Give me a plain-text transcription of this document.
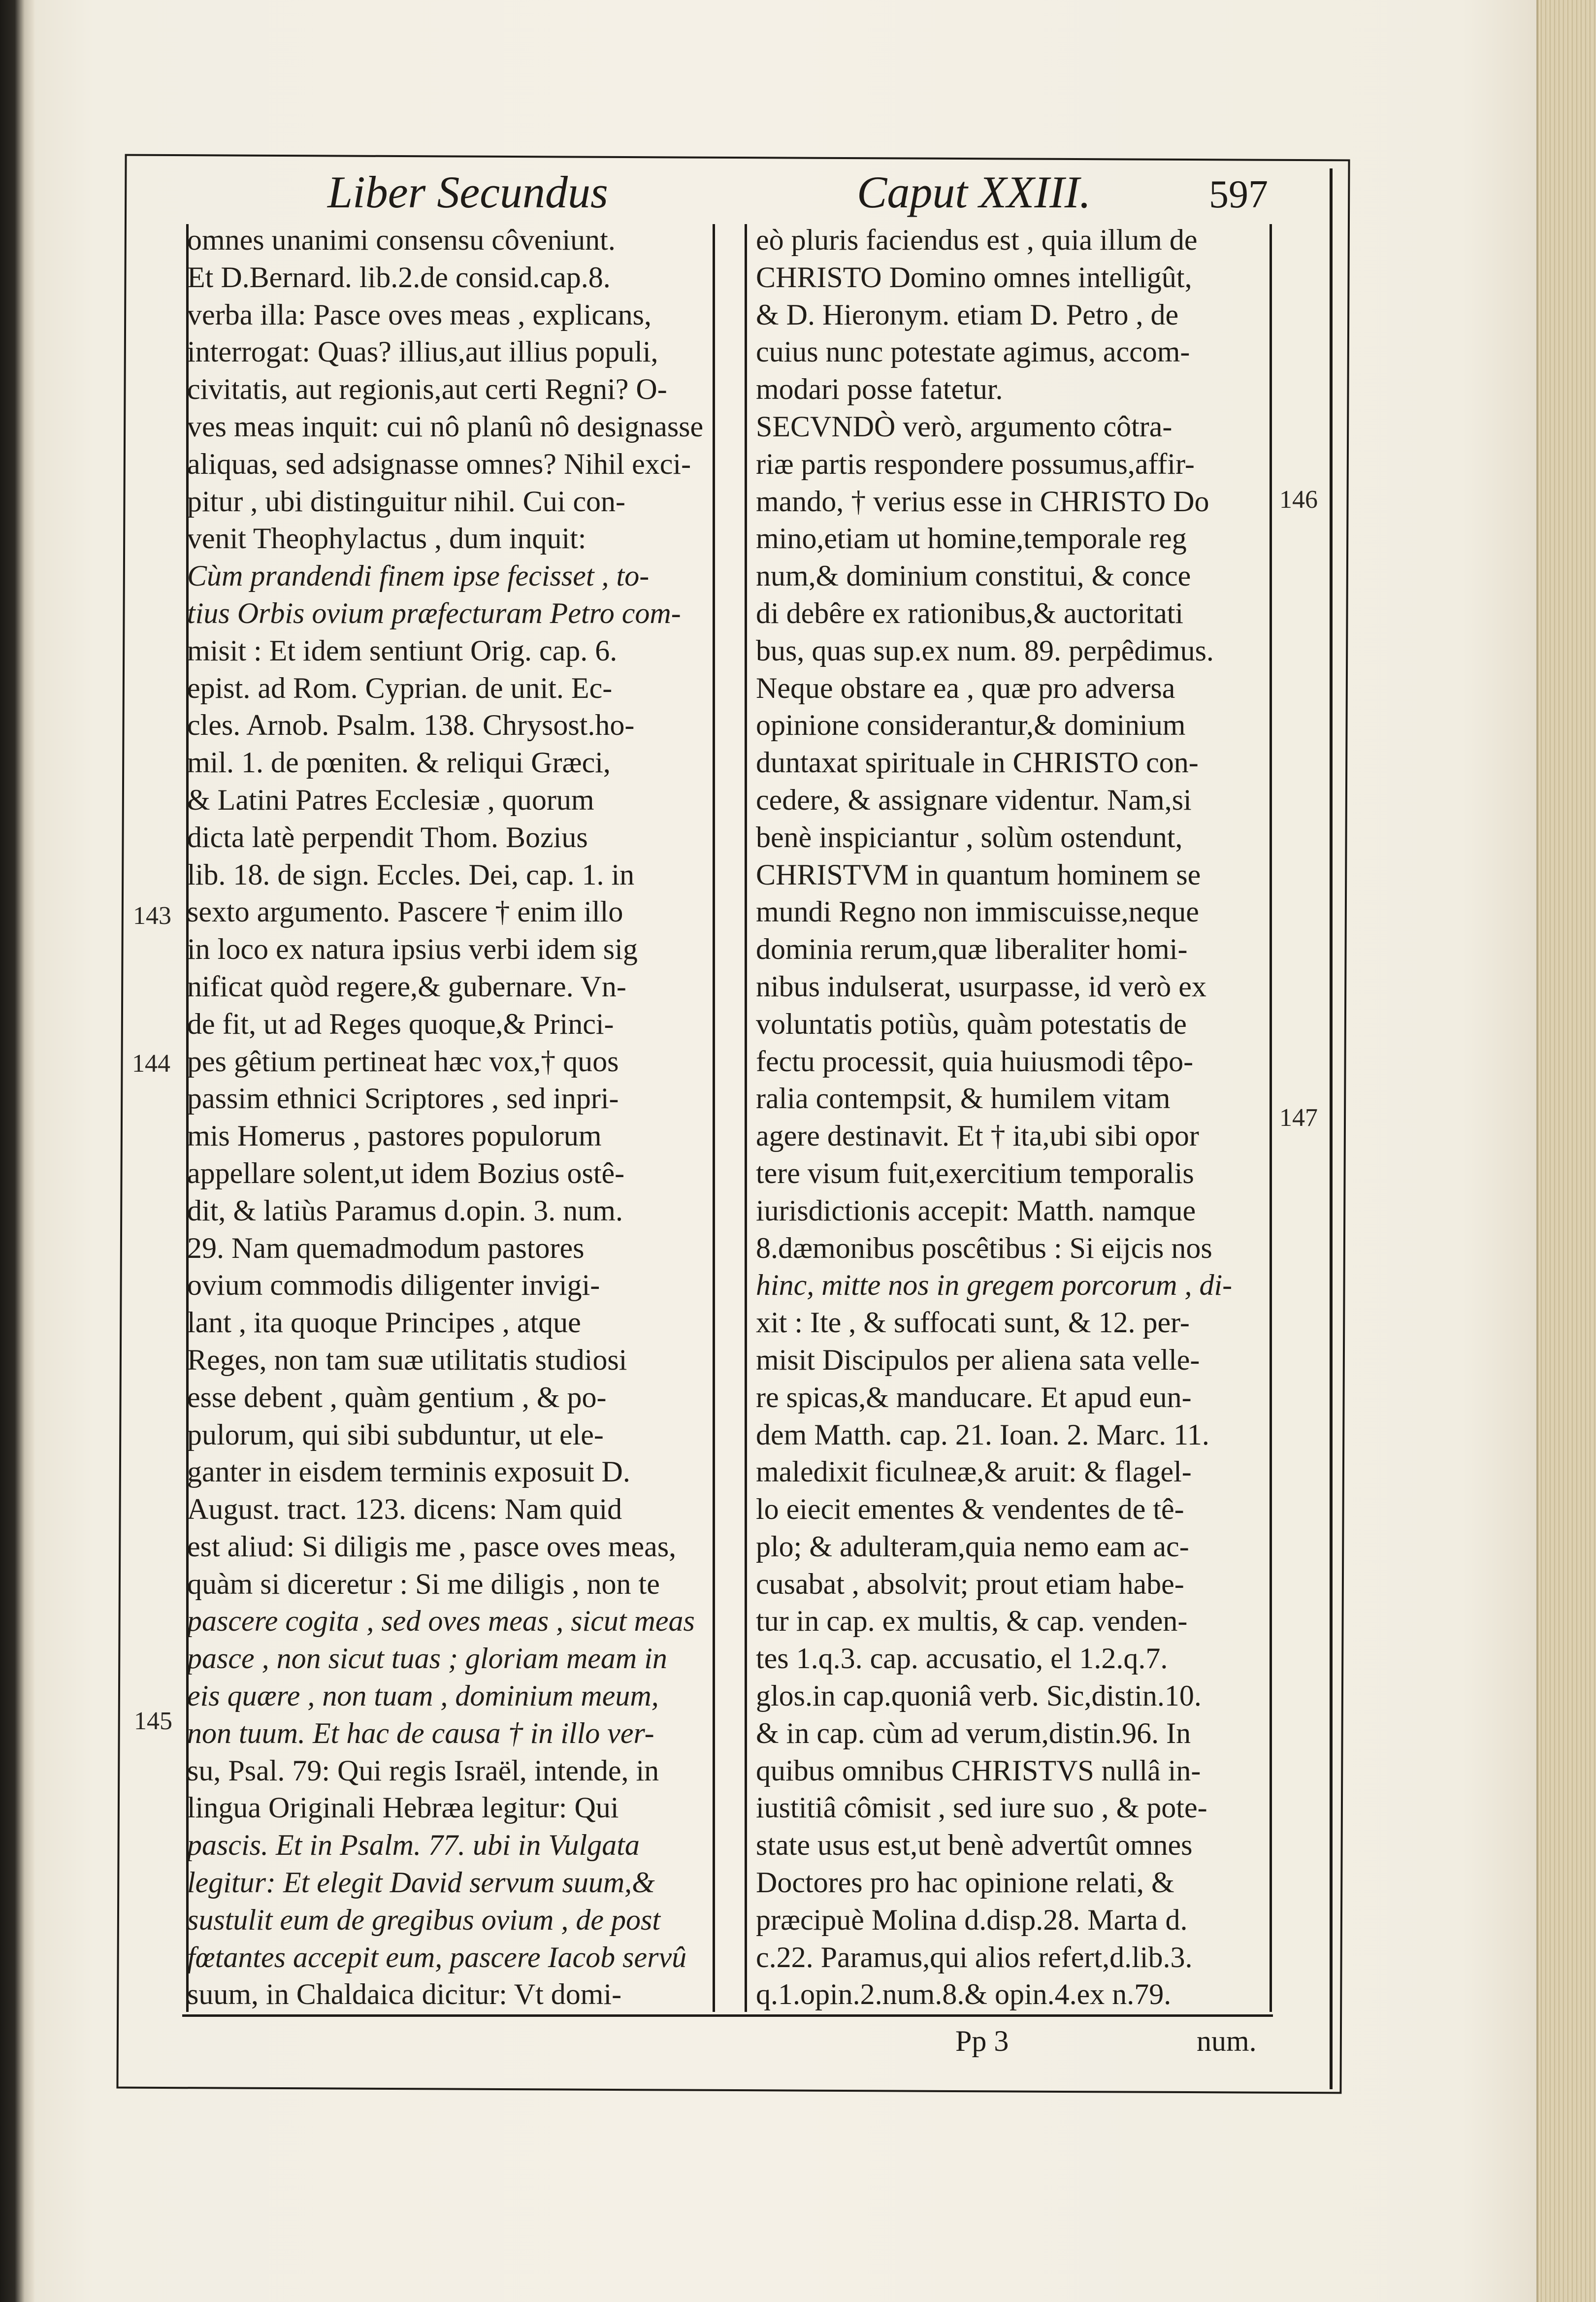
Liber Secundus	Caput XXIII.	597
omnes unanimi consensu côveniunt.
Et D.Bernard. lib.2.de consid.cap.8.
verba illa: Pasce oves meas , explicans,
interrogat: Quas? illius,aut illius populi,
civitatis, aut regionis,aut certi Regni? O-
ves meas inquit: cui nô planû nô designasse
aliquas, sed adsignasse omnes? Nihil exci-
pitur , ubi distinguitur nihil. Cui con-
venit Theophylactus , dum inquit:
Cùm prandendi finem ipse fecisset , to-
tius Orbis ovium præfecturam Petro com-
misit : Et idem sentiunt Orig. cap. 6.
epist. ad Rom. Cyprian. de unit. Ec-
cles. Arnob. Psalm. 138. Chrysost.ho-
mil. 1. de pœniten. & reliqui Græci,
& Latini Patres Ecclesiæ , quorum
dicta latè perpendit Thom. Bozius
lib. 18. de sign. Eccles. Dei, cap. 1. in
sexto argumento. Pascere † enim illo
in loco ex natura ipsius verbi idem sig
nificat quòd regere,& gubernare. Vn-
de fit, ut ad Reges quoque,& Princi-
pes gêtium pertineat hæc vox,† quos
passim ethnici Scriptores , sed inpri-
mis Homerus , pastores populorum
appellare solent,ut idem Bozius ostê-
dit, & latiùs Paramus d.opin. 3. num.
29. Nam quemadmodum pastores
ovium commodis diligenter invigi-
lant , ita quoque Principes , atque
Reges, non tam suæ utilitatis studiosi
esse debent , quàm gentium , & po-
pulorum, qui sibi subduntur, ut ele-
ganter in eisdem terminis exposuit D.
August. tract. 123. dicens: Nam quid
est aliud: Si diligis me , pasce oves meas,
quàm si diceretur : Si me diligis , non te
pascere cogita , sed oves meas , sicut meas
pasce , non sicut tuas ; gloriam meam in
eis quære , non tuam , dominium meum,
non tuum. Et hac de causa † in illo ver-
su, Psal. 79: Qui regis Israël, intende, in
lingua Originali Hebræa legitur: Qui
pascis. Et in Psalm. 77. ubi in Vulgata
legitur: Et elegit David servum suum,&
sustulit eum de gregibus ovium , de post
fœtantes accepit eum, pascere Iacob servû
suum, in Chaldaica dicitur: Vt domi-
eò pluris faciendus est , quia illum de
CHRISTO Domino omnes intelligût,
& D. Hieronym. etiam D. Petro , de
cuius nunc potestate agimus, accom-
modari posse fatetur.
SECVNDÒ verò, argumento côtra-
riæ partis respondere possumus,affir-
mando, † verius esse in CHRISTO Do
mino,etiam ut homine,temporale reg
num,& dominium constitui, & conce
di debêre ex rationibus,& auctoritati
bus, quas sup.ex num. 89. perpêdimus.
Neque obstare ea , quæ pro adversa
opinione considerantur,& dominium
duntaxat spirituale in CHRISTO con-
cedere, & assignare videntur. Nam,si
benè inspiciantur , solùm ostendunt,
CHRISTVM in quantum hominem se
mundi Regno non immiscuisse,neque
dominia rerum,quæ liberaliter homi-
nibus indulserat, usurpasse, id verò ex
voluntatis potiùs, quàm potestatis de
fectu processit, quia huiusmodi têpo-
ralia contempsit, & humilem vitam
agere destinavit. Et † ita,ubi sibi opor
tere visum fuit,exercitium temporalis
iurisdictionis accepit: Matth. namque
8.dæmonibus poscêtibus : Si eijcis nos
hinc, mitte nos in gregem porcorum , di-
xit : Ite , & suffocati sunt, & 12. per-
misit Discipulos per aliena sata velle-
re spicas,& manducare. Et apud eun-
dem Matth. cap. 21. Ioan. 2. Marc. 11.
maledixit ficulneæ,& aruit: & flagel-
lo eiecit ementes & vendentes de tê-
plo; & adulteram,quia nemo eam ac-
cusabat , absolvit; prout etiam habe-
tur in cap. ex multis, & cap. venden-
tes 1.q.3. cap. accusatio, el 1.2.q.7.
glos.in cap.quoniâ verb. Sic,distin.10.
& in cap. cùm ad verum,distin.96. In
quibus omnibus CHRISTVS nullâ in-
iustitiâ cômisit , sed iure suo , & pote-
state usus est,ut benè advertût omnes
Doctores pro hac opinione relati, &
præcipuè Molina d.disp.28. Marta d.
c.22. Paramus,qui alios refert,d.lib.3.
q.1.opin.2.num.8.& opin.4.ex n.79.
143
144
145
146
147
Pp 3	num.
